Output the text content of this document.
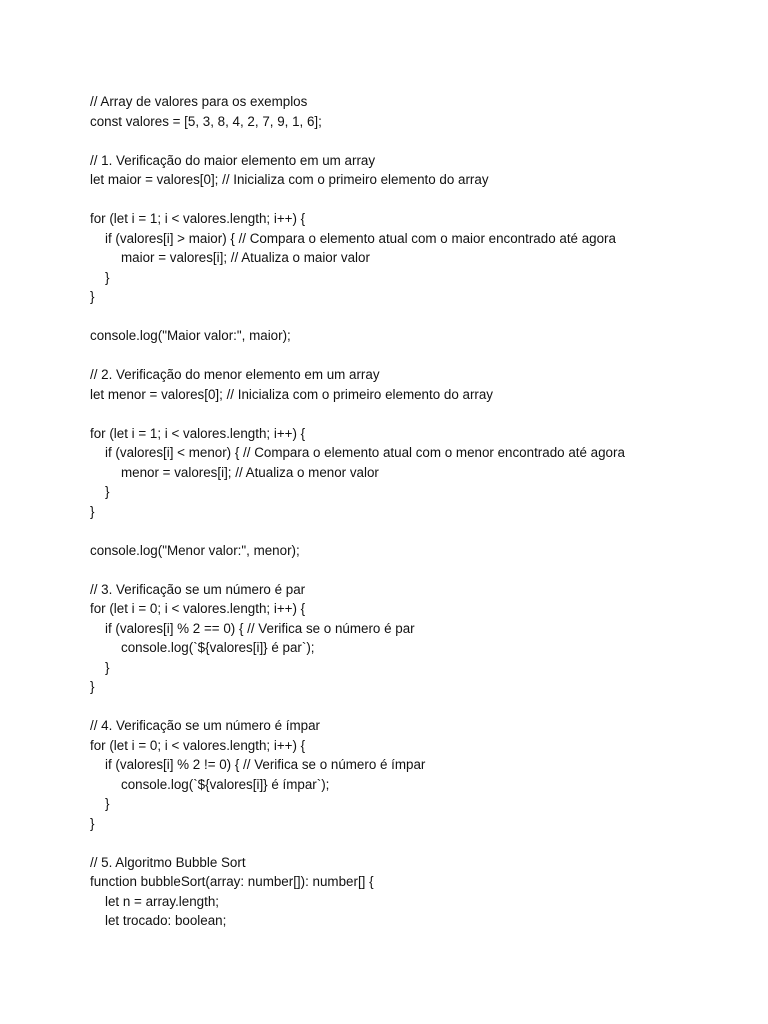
// Array de valores para os exemplos
const valores = [5, 3, 8, 4, 2, 7, 9, 1, 6];
// 1. Verificação do maior elemento em um array
let maior = valores[0]; // Inicializa com o primeiro elemento do array
for (let i = 1; i < valores.length; i++) {
if (valores[i] > maior) { // Compara o elemento atual com o maior encontrado até agora
maior = valores[i]; // Atualiza o maior valor
}
}
console.log("Maior valor:", maior);
// 2. Verificação do menor elemento em um array
let menor = valores[0]; // Inicializa com o primeiro elemento do array
for (let i = 1; i < valores.length; i++) {
if (valores[i] < menor) { // Compara o elemento atual com o menor encontrado até agora
menor = valores[i]; // Atualiza o menor valor
}
}
console.log("Menor valor:", menor);
// 3. Verificação se um número é par
for (let i = 0; i < valores.length; i++) {
if (valores[i] % 2 == 0) { // Verifica se o número é par
console.log(`${valores[i]} é par`);
}
}
// 4. Verificação se um número é ímpar
for (let i = 0; i < valores.length; i++) {
if (valores[i] % 2 != 0) { // Verifica se o número é ímpar
console.log(`${valores[i]} é ímpar`);
}
}
// 5. Algoritmo Bubble Sort
function bubbleSort(array: number[]): number[] {
let n = array.length;
let trocado: boolean;
